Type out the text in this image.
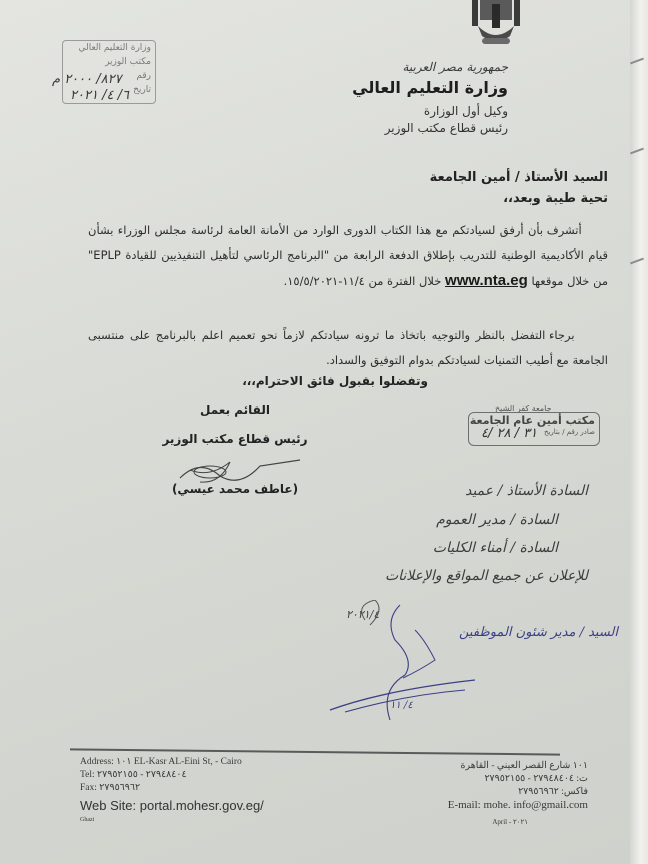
جمهورية مصر العربية
وزارة التعليم العالي
وكيل أول الوزارة
رئيس قطاع مكتب الوزير
وزارة التعليم العالي
مكتب الوزير
رقم
تاريخ
٨٢٧/ ٢٠٠٠ م
٦/ ٤/ ٢٠٢١
السيد الأستاذ / أمين الجامعة
تحية طيبة وبعد،،
أتشرف بأن أرفق لسيادتكم مع هذا الكتاب الدورى الوارد من الأمانة العامة لرئاسة مجلس الوزراء بشأن قيام الأكاديمية الوطنية للتدريب بإطلاق الدفعة الرابعة من "البرنامج الرئاسي لتأهيل التنفيذيين للقيادة EPLP" من خلال موقعها www.nta.eg خلال الفترة من ١١/٤-١٥/٥/٢٠٢١.
برجاء التفضل بالنظر والتوجيه باتخاذ ما ترونه سيادتكم لازماً نحو تعميم اعلم بالبرنامج على منتسبى الجامعة مع أطيب التمنيات لسيادتكم بدوام التوفيق والسداد.
وتفضلوا بقبول فائق الاحترام،،،
القائم بعمل
رئيس قطاع مكتب الوزير
(عاطف محمد عيسي)
جامعة كفر الشيخ
مكتب أمين عام الجامعة
صادر رقم / بتاريخ
٣١ / ٢٨ /٤
السادة الأستاذ / عميد
السادة / مدير العموم
السادة / أمناء الكليات
للإعلان عن جميع المواقع والإعلانات
٢٠٢١/٤
السيد / مدير شئون الموظفين
٤/ ١١
Address: ١٠١ EL-Kasr AL-Eini St, - Cairo
Tel: ٢٧٩٤٨٤٠٤ - ٢٧٩٥٢١٥٥
Fax: ٢٧٩٥٦٩٦٢
Web Site: portal.mohesr.gov.eg/
Ghazi
١٠١ شارع القصر العيني - القاهرة
ت: ٢٧٩٤٨٤٠٤ - ٢٧٩٥٢١٥٥
فاكس: ٢٧٩٥٦٩٦٢
E-mail: mohe. info@gmail.com
April - ٢٠٢١
